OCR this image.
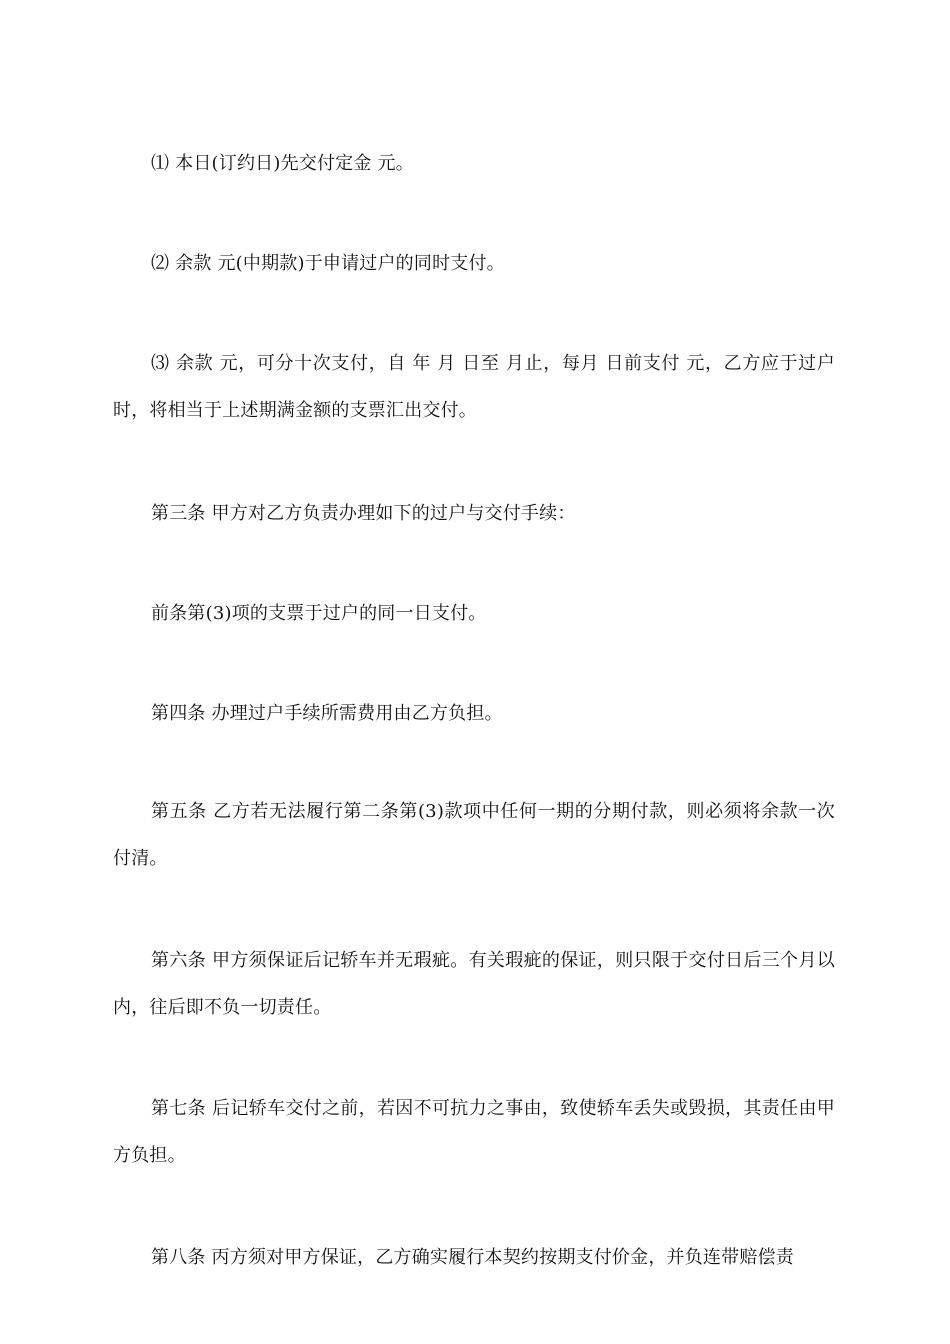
⑴ 本日(订约日)先交付定金 元。

⑵ 余款 元(中期款)于申请过户的同时支付。

⑶ 余款 元，可分十次支付，自 年 月 日至 月止，每月 日前支付 元，乙方应于过户时，将相当于上述期满金额的支票汇出交付。

第三条 甲方对乙方负责办理如下的过户与交付手续：

前条第(3)项的支票于过户的同一日支付。

第四条 办理过户手续所需费用由乙方负担。

第五条 乙方若无法履行第二条第(3)款项中任何一期的分期付款，则必须将余款一次付清。

第六条 甲方须保证后记轿车并无瑕疵。有关瑕疵的保证，则只限于交付日后三个月以内，往后即不负一切责任。

第七条 后记轿车交付之前，若因不可抗力之事由，致使轿车丢失或毁损，其责任由甲方负担。

第八条 丙方须对甲方保证，乙方确实履行本契约按期支付价金，并负连带赔偿责
